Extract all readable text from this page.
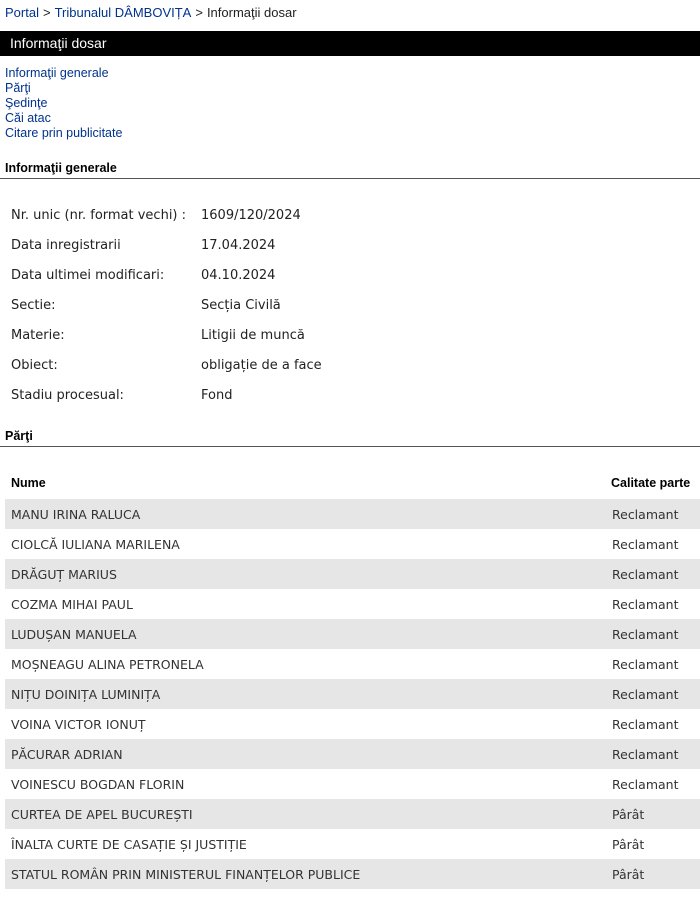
Portal > Tribunalul DÂMBOVIȚA > Informaţii dosar
Informaţii dosar
Informaţii generale
Părţi
Şedinţe
Căi atac
Citare prin publicitate
Informaţii generale
Nr. unic (nr. format vechi) : 1609/120/2024
Data inregistrarii	17.04.2024
Data ultimei modificari:	04.10.2024
Sectie:	Secția Civilă
Materie:	Litigii de muncă
Obiect:	obligație de a face
Stadiu procesual:	Fond
Părţi
Nume	Calitate parte
MANU IRINA RALUCA	Reclamant
CIOLCĂ IULIANA MARILENA	Reclamant
DRĂGUȚ MARIUS	Reclamant
COZMA MIHAI PAUL	Reclamant
LUDUȘAN MANUELA	Reclamant
MOȘNEAGU ALINA PETRONELA	Reclamant
NIȚU DOINIȚA LUMINIȚA	Reclamant
VOINA VICTOR IONUȚ	Reclamant
PĂCURAR ADRIAN	Reclamant
VOINESCU BOGDAN FLORIN	Reclamant
CURTEA DE APEL BUCUREȘTI	Pârât
ÎNALTA CURTE DE CASAȚIE ȘI JUSTIȚIE	Pârât
STATUL ROMÂN PRIN MINISTERUL FINANȚELOR PUBLICE	Pârât
